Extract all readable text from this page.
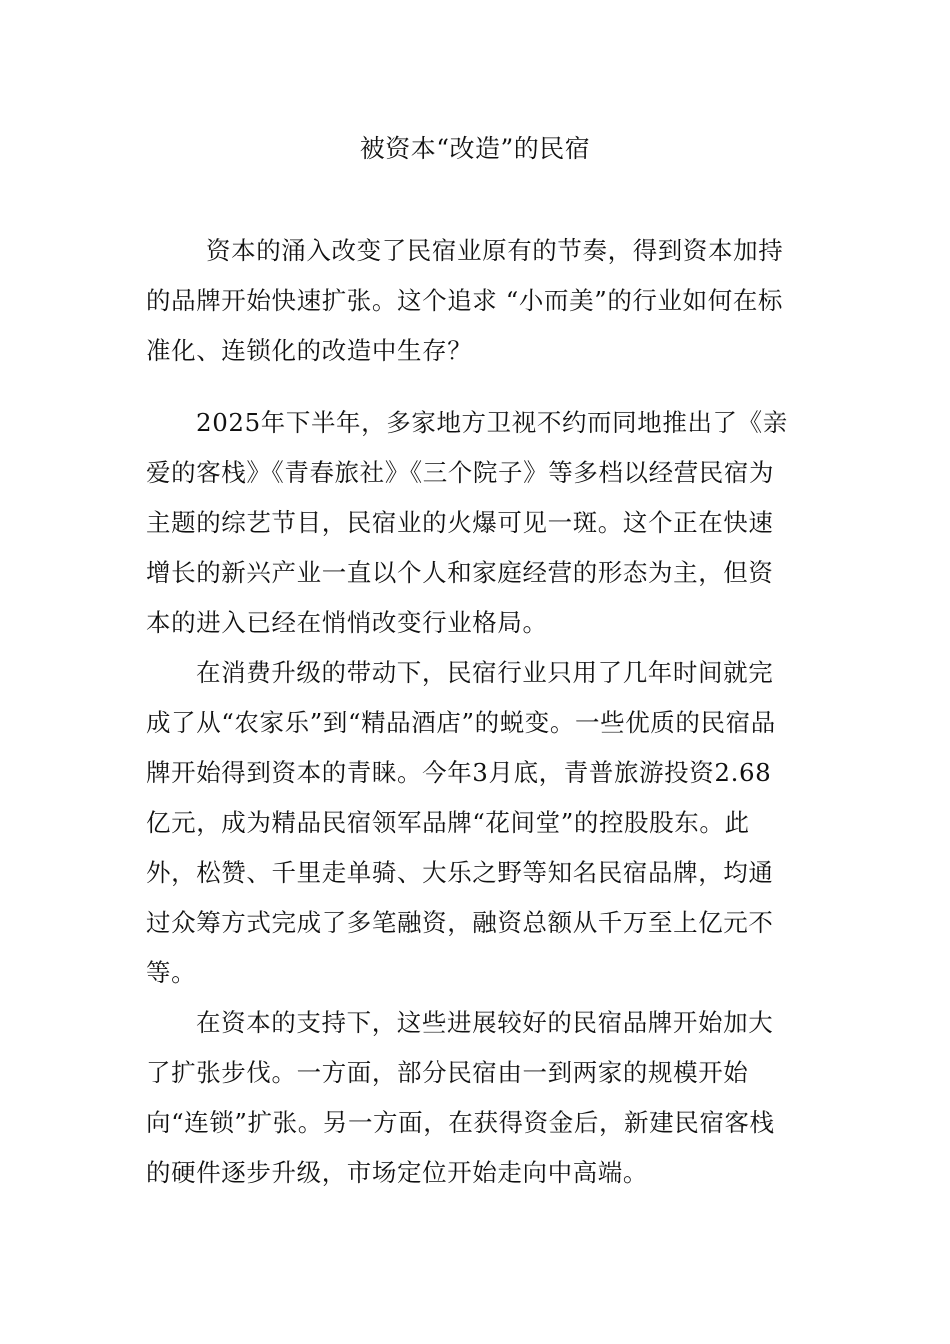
被资本“改造”的民宿

资本的涌入改变了民宿业原有的节奏，得到资本加持的品牌开始快速扩张。这个追求 “小而美”的行业如何在标准化、连锁化的改造中生存？

2025年下半年，多家地方卫视不约而同地推出了《亲爱的客栈》《青春旅社》《三个院子》等多档以经营民宿为主题的综艺节目，民宿业的火爆可见一斑。这个正在快速增长的新兴产业一直以个人和家庭经营的形态为主，但资本的进入已经在悄悄改变行业格局。

在消费升级的带动下，民宿行业只用了几年时间就完成了从“农家乐”到“精品酒店”的蜕变。一些优质的民宿品牌开始得到资本的青睐。今年3月底，青普旅游投资2.68亿元，成为精品民宿领军品牌“花间堂”的控股股东。此外，松赞、千里走单骑、大乐之野等知名民宿品牌，均通过众筹方式完成了多笔融资，融资总额从千万至上亿元不等。

在资本的支持下，这些进展较好的民宿品牌开始加大了扩张步伐。一方面，部分民宿由一到两家的规模开始向“连锁”扩张。另一方面，在获得资金后，新建民宿客栈的硬件逐步升级，市场定位开始走向中高端。
